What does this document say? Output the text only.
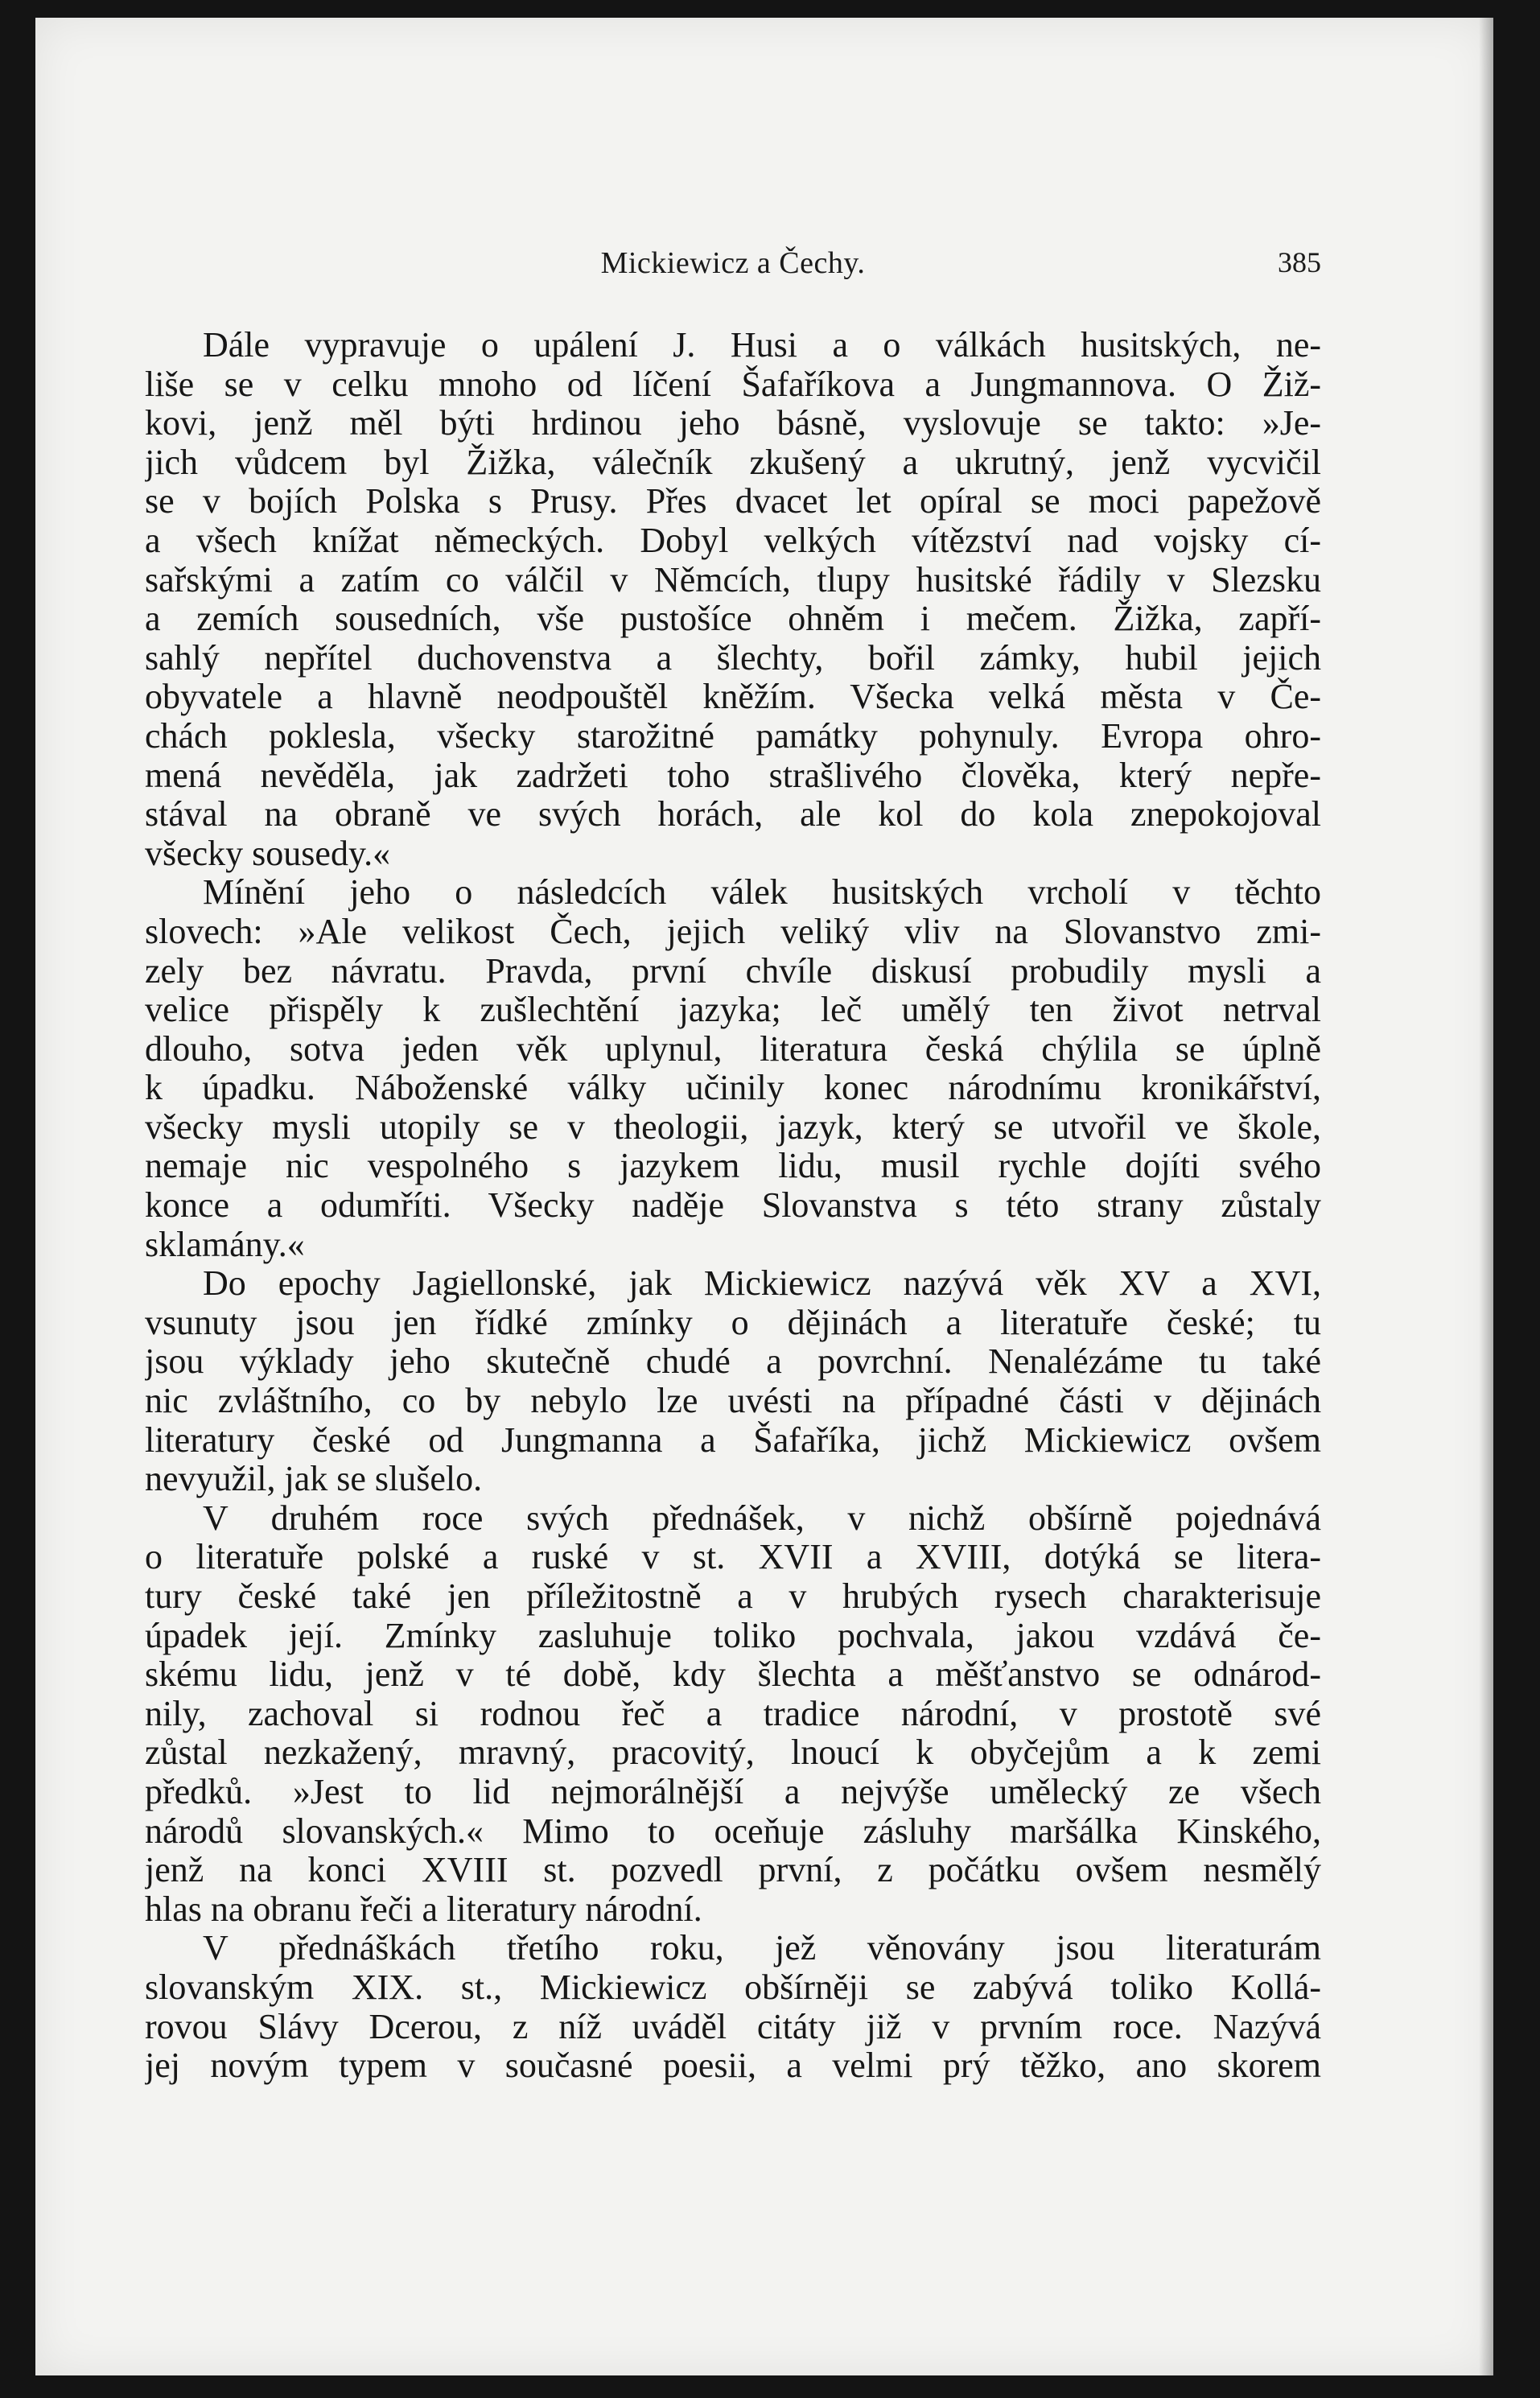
Mickiewicz a Čechy.	385
Dále vypravuje o upálení J. Husi a o válkách husitských, ne-
liše se v celku mnoho od líčení Šafaříkova a Jungmannova. O Žiž-
kovi, jenž měl býti hrdinou jeho básně, vyslovuje se takto: »Je-
jich vůdcem byl Žižka, válečník zkušený a ukrutný, jenž vycvičil
se v bojích Polska s Prusy. Přes dvacet let opíral se moci papežově
a všech knížat německých. Dobyl velkých vítězství nad vojsky cí-
sařskými a zatím co válčil v Němcích, tlupy husitské řádily v Slezsku
a zemích sousedních, vše pustošíce ohněm i mečem. Žižka, zapří-
sahlý nepřítel duchovenstva a šlechty, bořil zámky, hubil jejich
obyvatele a hlavně neodpouštěl kněžím. Všecka velká města v Če-
chách poklesla, všecky starožitné památky pohynuly. Evropa ohro-
mená nevěděla, jak zadržeti toho strašlivého člověka, který nepře-
stával na obraně ve svých horách, ale kol do kola znepokojoval
všecky sousedy.«
Mínění jeho o následcích válek husitských vrcholí v těchto
slovech: »Ale velikost Čech, jejich veliký vliv na Slovanstvo zmi-
zely bez návratu. Pravda, první chvíle diskusí probudily mysli a
velice přispěly k zušlechtění jazyka; leč umělý ten život netrval
dlouho, sotva jeden věk uplynul, literatura česká chýlila se úplně
k úpadku. Náboženské války učinily konec národnímu kronikářství,
všecky mysli utopily se v theologii, jazyk, který se utvořil ve škole,
nemaje nic vespolného s jazykem lidu, musil rychle dojíti svého
konce a odumříti. Všecky naděje Slovanstva s této strany zůstaly
sklamány.«
Do epochy Jagiellonské, jak Mickiewicz nazývá věk XV a XVI,
vsunuty jsou jen řídké zmínky o dějinách a literatuře české; tu
jsou výklady jeho skutečně chudé a povrchní. Nenalézáme tu také
nic zvláštního, co by nebylo lze uvésti na případné části v dějinách
literatury české od Jungmanna a Šafaříka, jichž Mickiewicz ovšem
nevyužil, jak se slušelo.
V druhém roce svých přednášek, v nichž obšírně pojednává
o literatuře polské a ruské v st. XVII a XVIII, dotýká se litera-
tury české také jen příležitostně a v hrubých rysech charakterisuje
úpadek její. Zmínky zasluhuje toliko pochvala, jakou vzdává če-
skému lidu, jenž v té době, kdy šlechta a měšťanstvo se odnárod-
nily, zachoval si rodnou řeč a tradice národní, v prostotě své
zůstal nezkažený, mravný, pracovitý, lnoucí k obyčejům a k zemi
předků. »Jest to lid nejmorálnější a nejvýše umělecký ze všech
národů slovanských.« Mimo to oceňuje zásluhy maršálka Kinského,
jenž na konci XVIII st. pozvedl první, z počátku ovšem nesmělý
hlas na obranu řeči a literatury národní.
V přednáškách třetího roku, jež věnovány jsou literaturám
slovanským XIX. st., Mickiewicz obšírněji se zabývá toliko Kollá-
rovou Slávy Dcerou, z níž uváděl citáty již v prvním roce. Nazývá
jej novým typem v současné poesii, a velmi prý těžko, ano skorem
